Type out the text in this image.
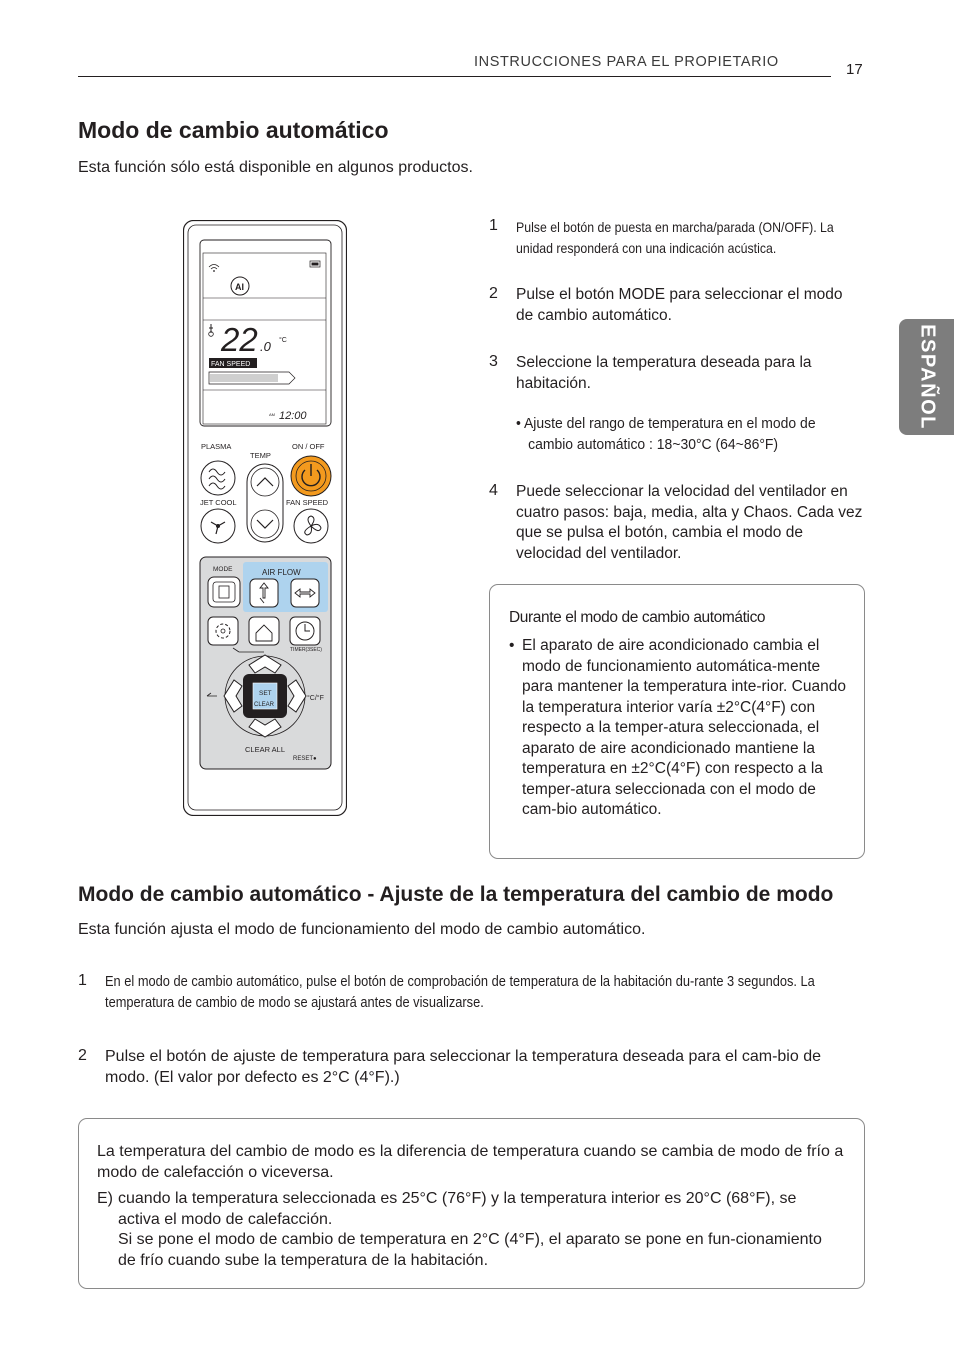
INSTRUCCIONES PARA EL PROPIETARIO	17
ESPAÑOL
Modo de cambio automático
Esta función sólo está disponible en algunos productos.
AI
22 .0 °C
FAN SPEED
AM 12:00
PLASMA	ON / OFF
TEMP
JET COOL	FAN SPEED
MODE	AIR FLOW
TIMER(3SEC)
SET
CLEAR
°C/°F
CLEAR ALL
RESET●
1 Pulse el botón de puesta en marcha/parada (ON/OFF). La unidad responderá con una indicación acústica.
2 Pulse el botón MODE para seleccionar el modo de cambio automático.
3 Seleccione la temperatura deseada para la habitación.
• Ajuste del rango de temperatura en el modo de cambio automático : 18~30°C (64~86°F)
4 Puede seleccionar la velocidad del ventilador en cuatro pasos: baja, media, alta y Chaos. Cada vez que se pulsa el botón, cambia el modo de velocidad del ventilador.
Durante el modo de cambio automático
• El aparato de aire acondicionado cambia el modo de funcionamiento automática-mente para mantener la temperatura inte-rior. Cuando la temperatura interior varía ±2°C(4°F) con respecto a la temper-atura seleccionada, el aparato de aire acondicionado mantiene la temperatura en ±2°C(4°F) con respecto a la temper-atura seleccionada con el modo de cam-bio automático.
Modo de cambio automático - Ajuste de la temperatura del cambio de modo
Esta función ajusta el modo de funcionamiento del modo de cambio automático.
1 En el modo de cambio automático, pulse el botón de comprobación de temperatura de la habitación du-rante 3 segundos. La temperatura de cambio de modo se ajustará antes de visualizarse.
2 Pulse el botón de ajuste de temperatura para seleccionar la temperatura deseada para el cam-bio de modo. (El valor por defecto es 2°C (4°F).)

La temperatura del cambio de modo es la diferencia de temperatura cuando se cambia de modo de frío a modo de calefacción o viceversa.

E) cuando la temperatura seleccionada es 25°C (76°F) y la temperatura interior es 20°C (68°F), se activa el modo de calefacción.

Si se pone el modo de cambio de temperatura en 2°C (4°F), el aparato se pone en fun-cionamiento de frío cuando sube la temperatura de la habitación.
